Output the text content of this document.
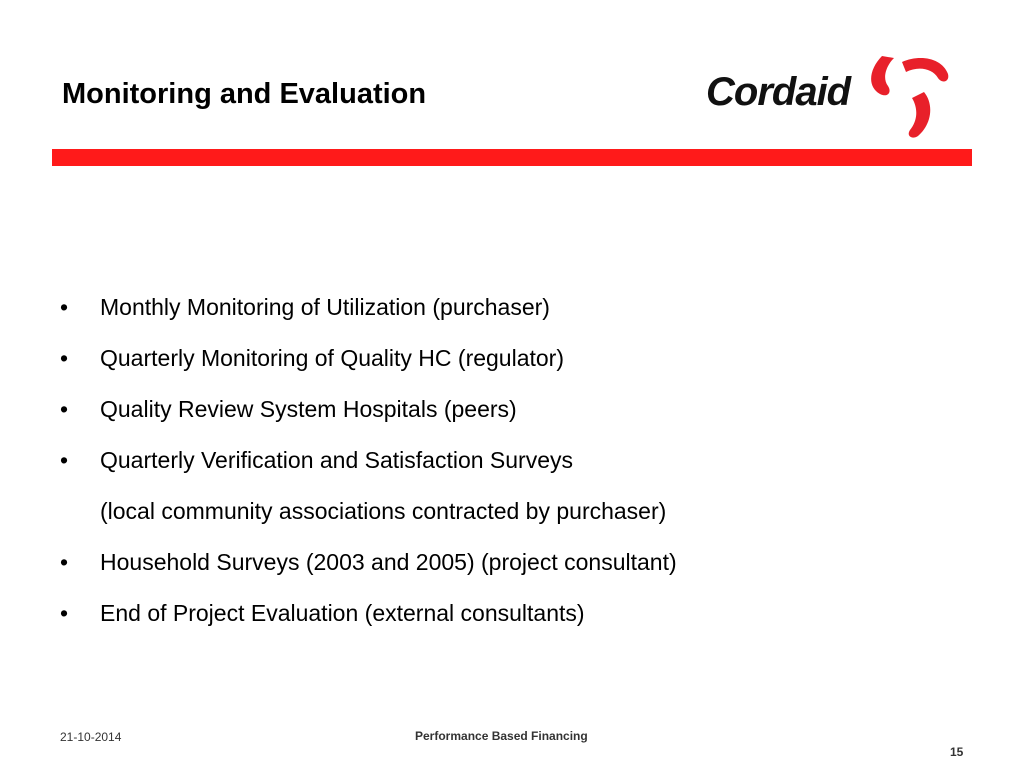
Monitoring and Evaluation	Cordaid
• Monthly Monitoring of Utilization (purchaser)
• Quarterly Monitoring of Quality HC (regulator)
• Quality Review System Hospitals (peers)
• Quarterly Verification and Satisfaction Surveys
(local community associations contracted by purchaser)
• Household Surveys (2003 and 2005) (project consultant)
• End of Project Evaluation (external consultants)
21-10-2014	Performance Based Financing
15
